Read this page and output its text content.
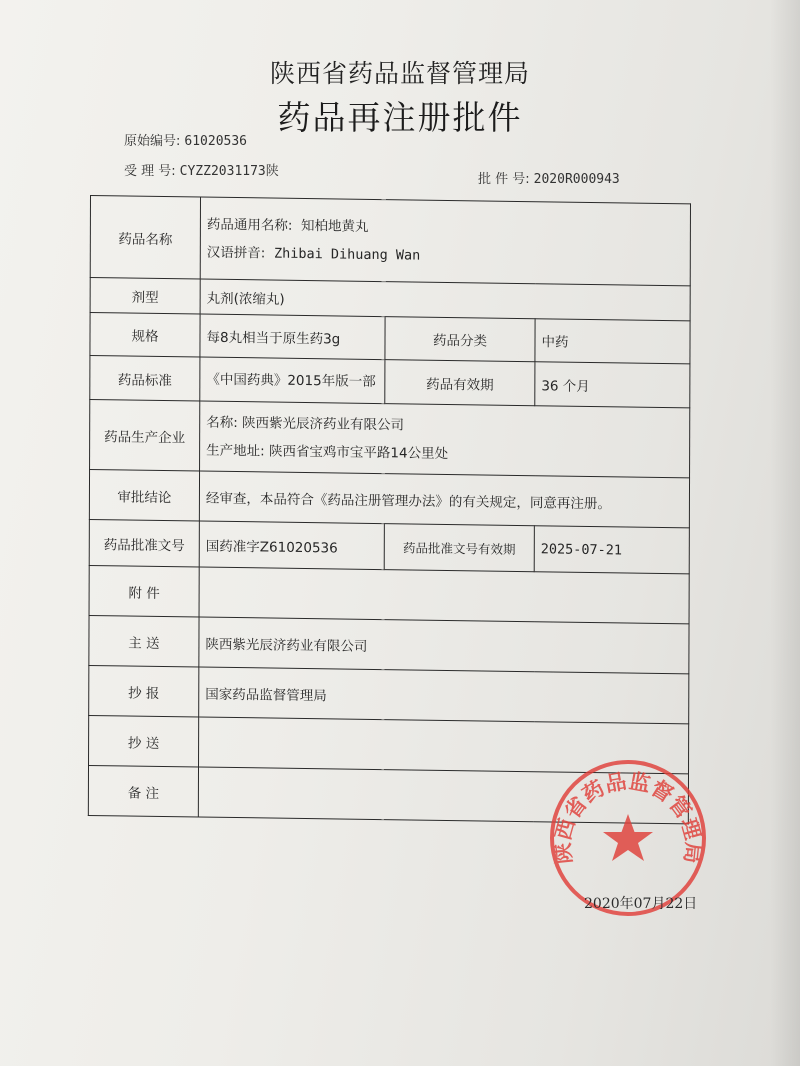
陕西省药品监督管理局
药品再注册批件
原始编号: 61020536
受 理 号: CYZZ2031173陕
批 件 号: 2020R000943
药品名称	药品通用名称: 知柏地黄丸
汉语拼音: Zhibai Dihuang Wan		

剂型	丸剂(浓缩丸)		
规格	每8丸相当于原生药3g	药品分类	中药
药品标准	《中国药典》2015年版一部	药品有效期	36 个月
药品生产企业	名称: 陕西紫光辰济药业有限公司
生产地址: 陕西省宝鸡市宝平路14公里处		

审批结论	经审查，本品符合《药品注册管理办法》的有关规定，同意再注册。		
药品批准文号	国药准字Z61020536	药品批准文号有效期	2025-07-21
附 件			
主 送	陕西紫光辰济药业有限公司		
抄 报	国家药品监督管理局		
抄 送			
备 注			
陕西省药品监督管理局
2020年07月22日
